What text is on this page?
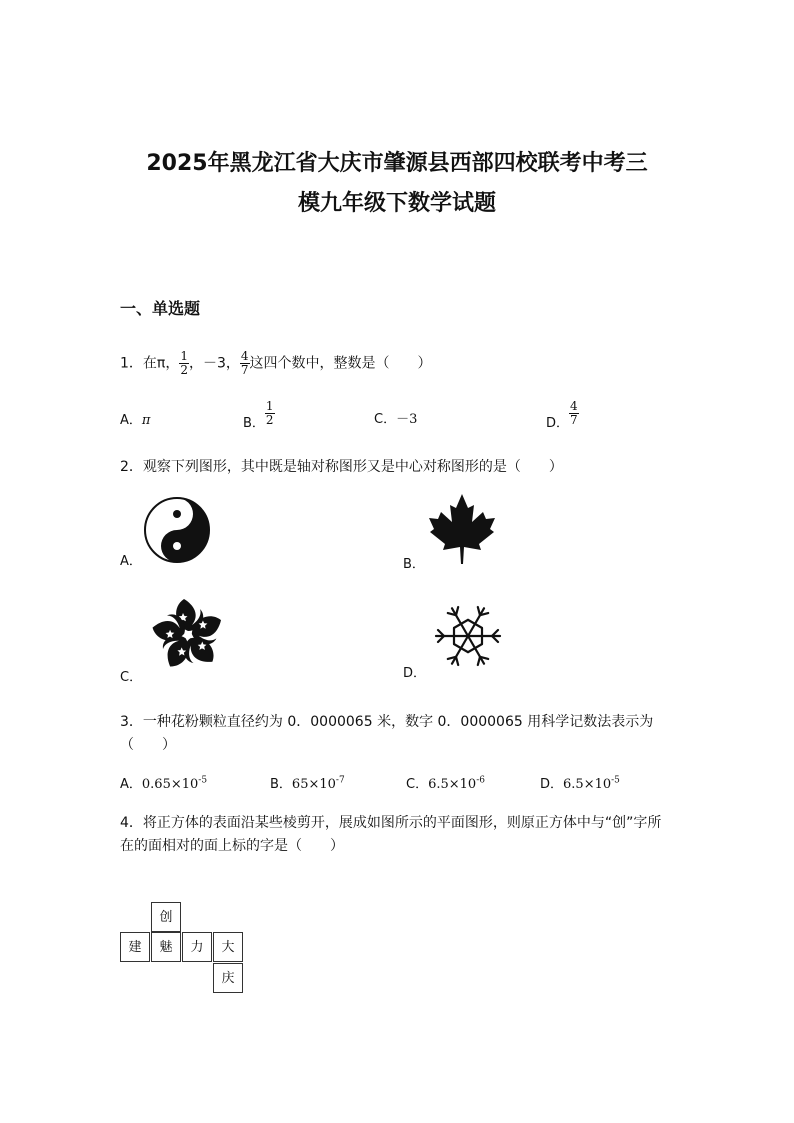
2025年黑龙江省大庆市肇源县西部四校联考中考三
模九年级下数学试题
一、单选题
1．在π， $\frac{1}{2}$ ，－3， $\frac{4}{7}$ 这四个数中，整数是（　　）
A．π	B． $\frac{1}{2}$	C．－3	D． $\frac{4}{7}$
2．观察下列图形，其中既是轴对称图形又是中心对称图形的是（　　）
A．	B．
C．	D．
3．一种花粉颗粒直径约为 0．0000065 米，数字 0．0000065 用科学记数法表示为
（　　）
A．$0.65\times 10^{-5}$	B．$65\times 10^{-7}$	C．$6.5\times 10^{-6}$	D．$6.5\times 10^{-5}$
4．将正方体的表面沿某些棱剪开，展成如图所示的平面图形，则原正方体中与“创”字所
在的面相对的面上标的字是（　　）
创
建	魅	力	大
庆
